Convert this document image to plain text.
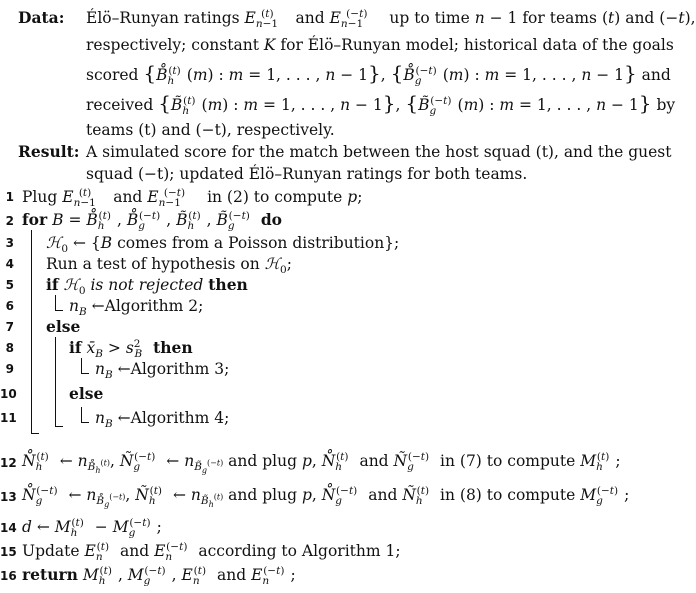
Data: Élö–Runyan ratings $E_{n-1}^{(t)}$ and $E_{n-1}^{(-t)}$ up to time n − 1 for teams (t) and (−t),
respectively; constant K for Élö–Runyan model; historical data of the goals
scored {$B̊_h^{(t)}$ (m) : m = 1, . . . , n − 1}, {$B̊_g^{(-t)}$ (m) : m = 1, . . . , n − 1} and
received {$B̃_h^{(t)}$ (m) : m = 1, . . . , n − 1}, {$B̃_g^{(-t)}$ (m) : m = 1, . . . , n − 1} by
teams (t) and (−t), respectively.
Result: A simulated score for the match between the host squad (t), and the guest
squad (−t); updated Élö–Runyan ratings for both teams.
1 Plug $E_{n-1}^{(t)}$ and $E_{n-1}^{(-t)}$ in (2) to compute p;
2 for $B = B̊_h^{(t)}$ , $B̊_g^{(-t)}$ , $B̃_h^{(t)}$ , $B̃_g^{(-t)}$ do
3 ℋ$_0$ ← {B comes from a Poisson distribution};
4 Run a test of hypothesis on ℋ$_0$;
5 if ℋ$_0$ is not rejected then
6	$n_B$ ←Algorithm 2;
7 else
8	if $x̄_B > s^2_B$ then
9	$n_B$ ←Algorithm 3;
10	else
11	$n_B$ ←Algorithm 4;
12 $N̊_h^{(t)}$ ← $n_{B̊_h^{(t)}}$, $Ñ_g^{(-t)}$ ← $n_{B̃_g^{(-t)}}$ and plug p, $N̊_h^{(t)}$ and $Ñ_g^{(-t)}$ in (7) to compute $M_h^{(t)}$ ;
13 $N̊_g^{(-t)}$ ← $n_{B̊_g^{(-t)}}$, $Ñ_h^{(t)}$ ← $n_{B̃_h^{(t)}}$ and plug p, $N̊_g^{(-t)}$ and $Ñ_h^{(t)}$ in (8) to compute $M_g^{(-t)}$ ;
14 d ← $M_h^{(t)} - M_g^{(-t)}$ ;
15 Update $E_n^{(t)}$ and $E_n^{(-t)}$ according to Algorithm 1;
16 return $M_h^{(t)}$ , $M_g^{(-t)}$ , $E_n^{(t)}$ and $E_n^{(-t)}$ ;
